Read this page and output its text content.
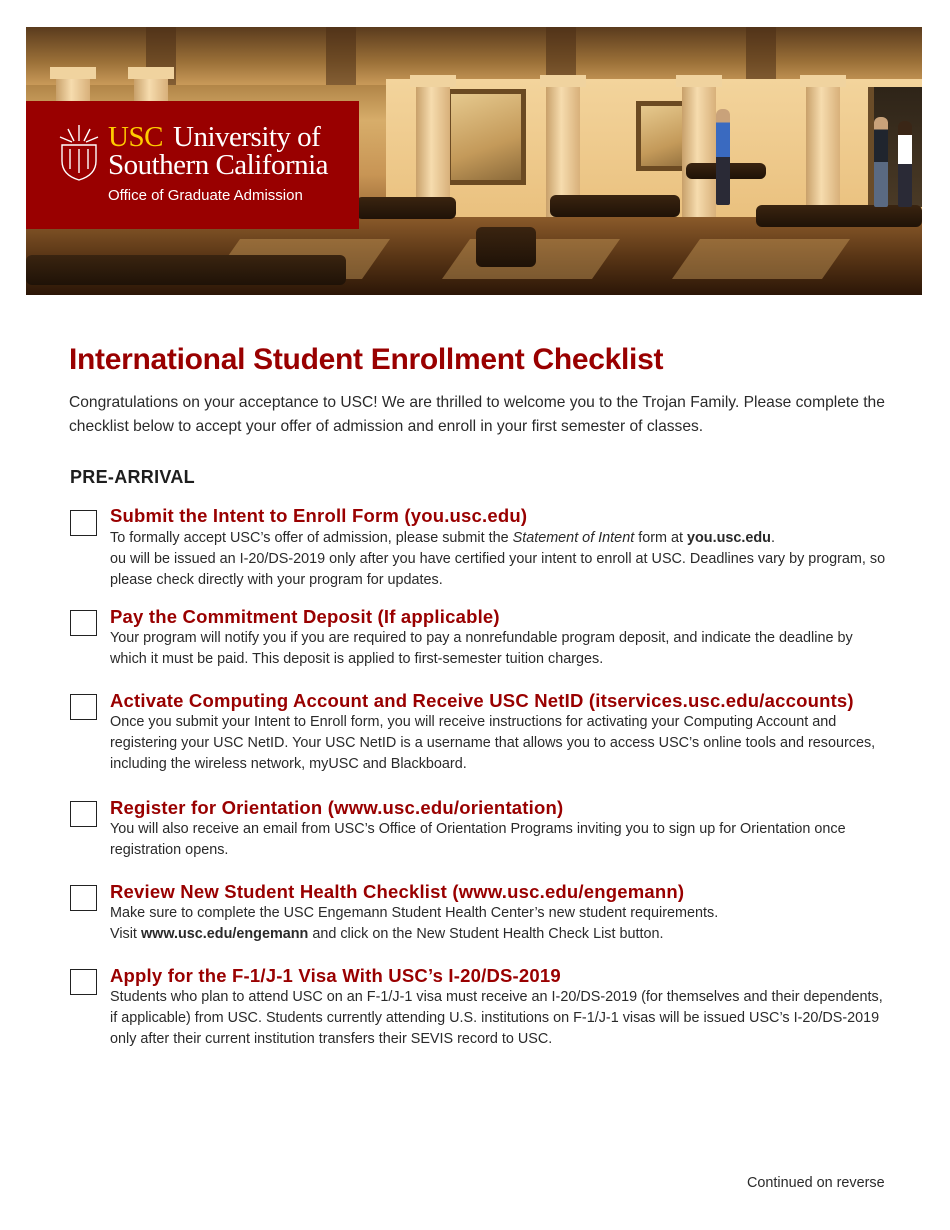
USC University of
Southern California
Office of Graduate Admission
International Student Enrollment Checklist

Congratulations on your acceptance to USC! We are thrilled to welcome you to the Trojan Family. Please complete the checklist below to accept your offer of admission and enroll in your first semester of classes.

PRE-ARRIVAL
Submit the Intent to Enroll Form (you.usc.edu)
To formally accept USC’s offer of admission, please submit the Statement of Intent form at you.usc.edu.
ou will be issued an I-20/DS-2019 only after you have certified your intent to enroll at USC. Deadlines vary by program, so please check directly with your program for updates.
Pay the Commitment Deposit (If applicable)
Your program will notify you if you are required to pay a nonrefundable program deposit, and indicate the deadline by which it must be paid. This deposit is applied to first-semester tuition charges.
Activate Computing Account and Receive USC NetID (itservices.usc.edu/accounts)
Once you submit your Intent to Enroll form, you will receive instructions for activating your Computing Account and registering your USC NetID. Your USC NetID is a username that allows you to access USC’s online tools and resources, including the wireless network, myUSC and Blackboard.
Register for Orientation (www.usc.edu/orientation)
You will also receive an email from USC’s Office of Orientation Programs inviting you to sign up for Orientation once registration opens.
Review New Student Health Checklist (www.usc.edu/engemann)
Make sure to complete the USC Engemann Student Health Center’s new student requirements.
Visit www.usc.edu/engemann and click on the New Student Health Check List button.
Apply for the F-1/J-1 Visa With USC’s I-20/DS-2019
Students who plan to attend USC on an F-1/J-1 visa must receive an I-20/DS-2019 (for themselves and their dependents, if applicable) from USC. Students currently attending U.S. institutions on F-1/J-1 visas will be issued USC’s I-20/DS-2019 only after their current institution transfers their SEVIS record to USC.
Continued on reverse
